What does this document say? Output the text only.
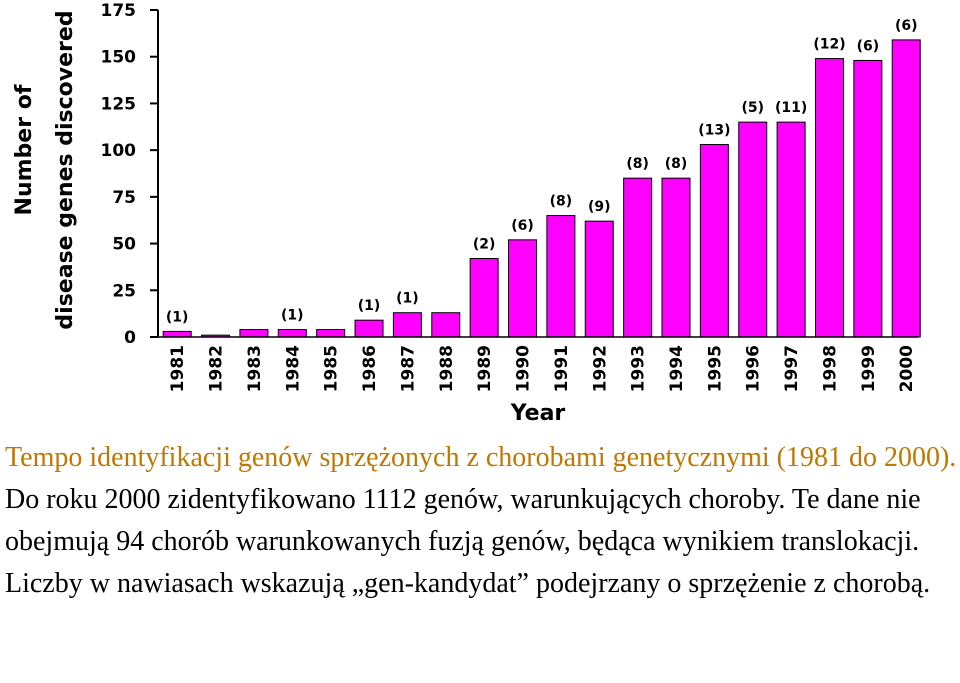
Number of disease genes discovered
0
25
50
75
100
125
150
175
(1)	(1)
(1) (1)
(2)
(6)
(8) (9)
(8) (8)
(13)
(5) (11)
(12) (6)
(6)
1981 1982 1983 1984 1985 1986 1987 1988 1989 1990 1991 1992 1993 1994 1995 1996 1997 1998 1999 2000
Year
Tempo identyfikacji genów sprzężonych z chorobami genetycznymi (1981 do 2000). Do roku 2000 zidentyfikowano 1112 genów, warunkujących choroby. Te dane nie obejmują 94 chorób warunkowanych fuzją genów, będąca wynikiem translokacji. Liczby w nawiasach wskazują „gen-kandydat” podejrzany o sprzężenie z chorobą.
